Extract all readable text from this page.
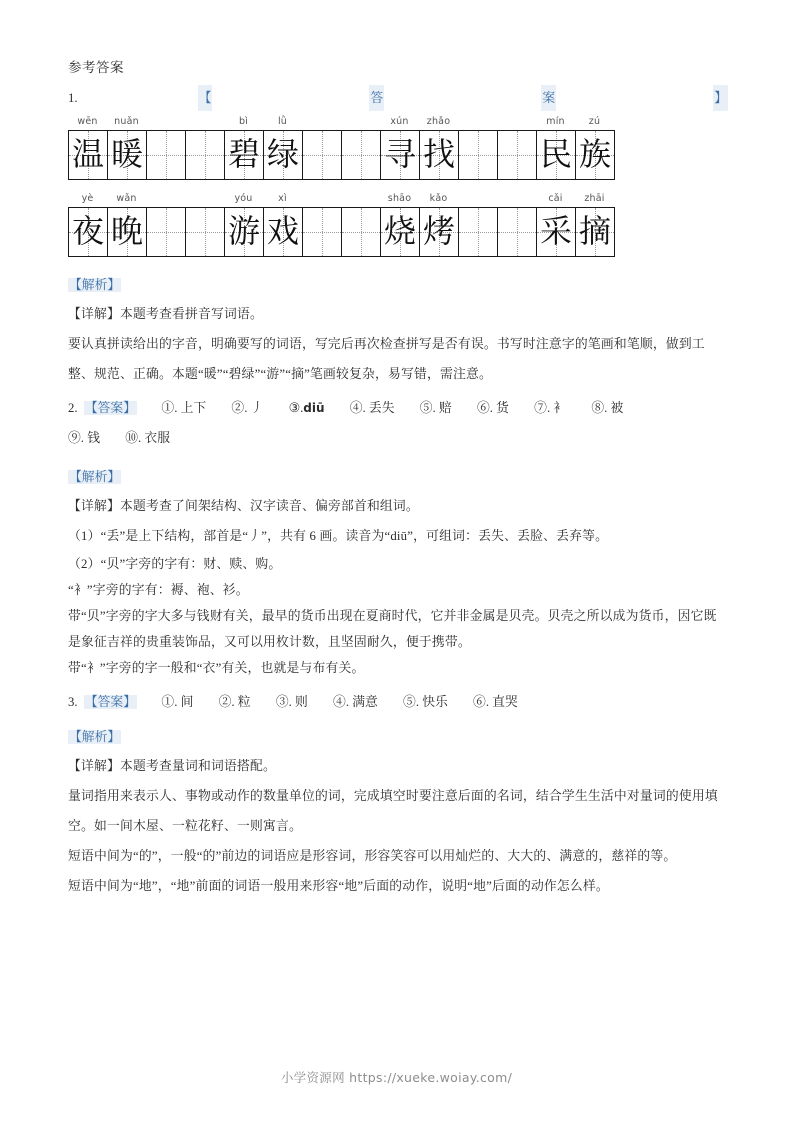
参考答案
1.	【	答	案	】
wēn	nuǎn	bì	lǜ	xún	zhǎo	mín	zú
温 暖	碧 绿	寻 找	民 族
yè	wǎn	yóu	xì	shāo	kǎo	cǎi	zhāi
夜 晚	游 戏	烧 烤	采 摘
【解析】
【详解】本题考查看拼音写词语。
要认真拼读给出的字音，明确要写的词语，写完后再次检查拼写是否有误。书写时注意字的笔画和笔顺，做到工整、规范、正确。本题“暖”“碧绿”“游”“摘”笔画较复杂，易写错，需注意。
2. 【答案】 ①. 上下 ②. 丿 ③.diū ④. 丢失 ⑤. 赔 ⑥. 货 ⑦. 衤 ⑧. 被
⑨. 钱 ⑩. 衣服
【解析】
【详解】本题考查了间架结构、汉字读音、偏旁部首和组词。
（1）“丢”是上下结构，部首是“丿”，共有 6 画。读音为“diū”，可组词：丢失、丢脸、丢弃等。
（2）“贝”字旁的字有：财、赎、购。
“衤”字旁的字有：褥、袍、衫。
带“贝”字旁的字大多与钱财有关，最早的货币出现在夏商时代，它并非金属是贝壳。贝壳之所以成为货币，因它既是象征吉祥的贵重装饰品，又可以用枚计数，且坚固耐久，便于携带。
带“衤”字旁的字一般和“衣”有关，也就是与布有关。
3. 【答案】 ①. 间 ②. 粒 ③. 则 ④. 满意 ⑤. 快乐 ⑥. 直哭
【解析】
【详解】本题考查量词和词语搭配。
量词指用来表示人、事物或动作的数量单位的词，完成填空时要注意后面的名词，结合学生生活中对量词的使用填空。如一间木屋、一粒花籽、一则寓言。
短语中间为“的”，一般“的”前边的词语应是形容词，形容笑容可以用灿烂的、大大的、满意的，慈祥的等。
短语中间为“地”，“地”前面的词语一般用来形容“地”后面的动作，说明“地”后面的动作怎么样。
小学资源网 https://xueke.woiay.com/
